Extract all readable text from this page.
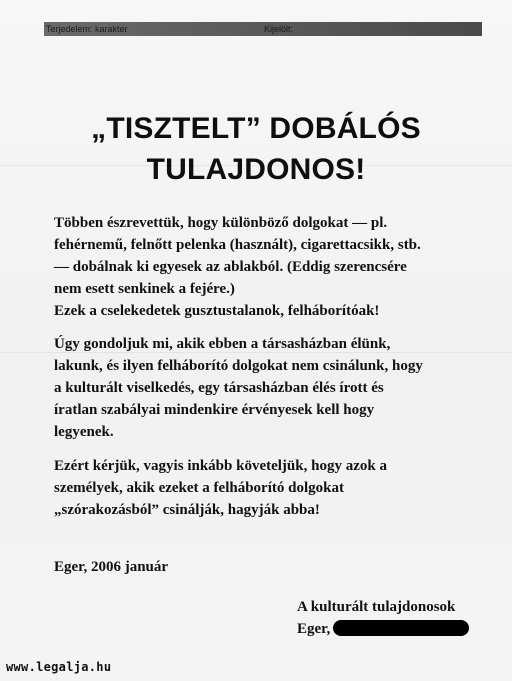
Terjedelem: karakter	Kijelölt:
„TISZTELT” DOBÁLÓS
TULAJDONOS!
Többen észrevettük, hogy különböző dolgokat — pl.
fehérnemű, felnőtt pelenka (használt), cigarettacsikk, stb.
— dobálnak ki egyesek az ablakból. (Eddig szerencsére
nem esett senkinek a fejére.)
Ezek a cselekedetek gusztustalanok, felháborítóak!
Úgy gondoljuk mi, akik ebben a társasházban élünk,
lakunk, és ilyen felháborító dolgokat nem csinálunk, hogy
a kulturált viselkedés, egy társasházban élés írott és
íratlan szabályai mindenkire érvényesek kell hogy
legyenek.
Ezért kérjük, vagyis inkább követeljük, hogy azok a
személyek, akik ezeket a felháborító dolgokat
„szórakozásból” csinálják, hagyják abba!
Eger, 2006 január
A kulturált tulajdonosok
Eger,
www.legalja.hu
